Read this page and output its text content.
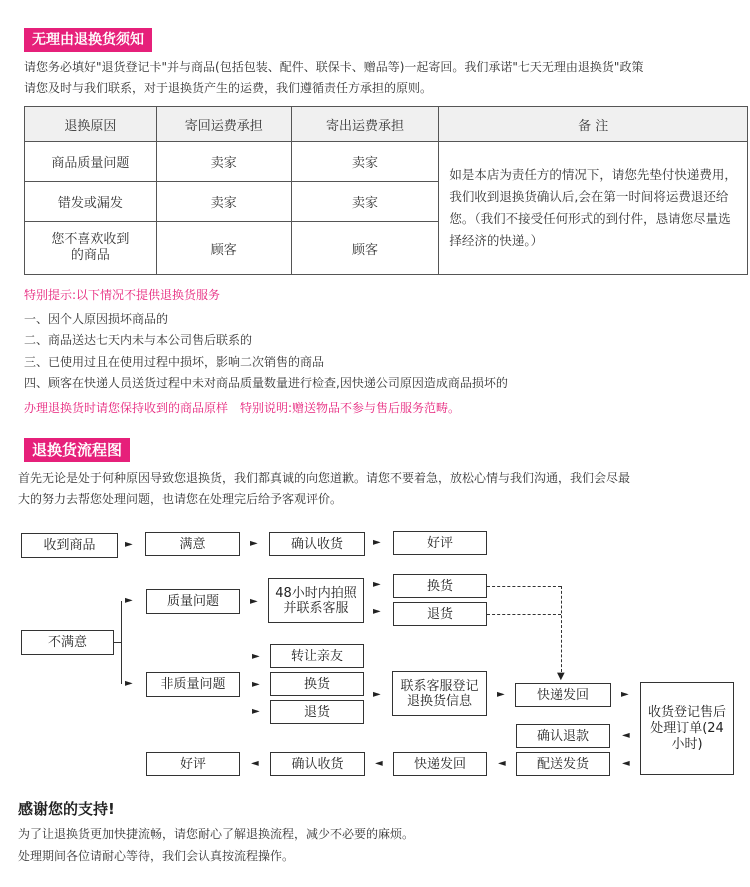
无理由退换货须知
请您务必填好"退货登记卡"并与商品(包括包装、配件、联保卡、赠品等)一起寄回。我们承诺"七天无理由退换货"政策
请您及时与我们联系，对于退换货产生的运费，我们遵循责任方承担的原则。
退换原因	寄回运费承担	寄出运费承担	备 注
商品质量问题	卖家	卖家	如是本店为责任方的情况下，请您先垫付快递费用，我们收到退换货确认后,会在第一时间将运费退还给您。（我们不接受任何形式的到付件，恳请您尽量选择经济的快递。）
错发或漏发	卖家	卖家	
您不喜欢收到的商品	顾客	顾客	
特别提示:以下情况不提供退换货服务
一、因个人原因损坏商品的
二、商品送达七天内未与本公司售后联系的
三、已使用过且在使用过程中损坏，影响二次销售的商品
四、顾客在快递人员送货过程中未对商品质量数量进行检查,因快递公司原因造成商品损坏的
办理退换货时请您保持收到的商品原样　特别说明:赠送物品不参与售后服务范畴。
退换货流程图
首先无论是处于何种原因导致您退换货，我们都真诚的向您道歉。请您不要着急，放松心情与我们沟通，我们会尽最
大的努力去帮您处理问题，也请您在处理完后给予客观评价。
收到商品	►	满意	►	确认收货	►	好评
不满意
►
►
质量问题	►
48小时内拍照并联系客服
►
►
换货
退货
▼
非质量问题
►
►
►
转让亲友
换货
退货
►
联系客服登记退换货信息	►	快递发回	►
收货登记售后处理订单(24小时)
◄
◄
确认退款
配送发货
◄
快递发回
◄
确认收货
◄
好评
感谢您的支持!
为了让退换货更加快捷流畅，请您耐心了解退换流程，减少不必要的麻烦。
处理期间各位请耐心等待，我们会认真按流程操作。
